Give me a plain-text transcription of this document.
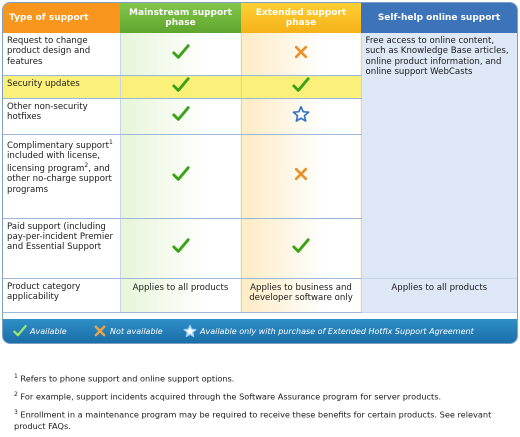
Type of support	Mainstream support phase	Extended support phase	Self-help online support
Request to change product design and features			Free access to online content, such as Knowledge Base articles, online product information, and online support WebCasts
Security updates		
Other non-security hotfixes		
Complimentary support$^1$ included with license, licensing program$^2$, and other no-charge support programs		
Paid support (including pay-per-incident Premier and Essential Support		
Product category applicability	Applies to all products	Applies to business and developer software only	Applies to all products
Available	Not available	Available only with purchase of Extended Hotfix Support Agreement

$^1$ Refers to phone support and online support options.

$^2$ For example, support incidents acquired through the Software Assurance program for server products.

$^3$ Enrollment in a maintenance program may be required to receive these benefits for certain products. See relevant product FAQs.
